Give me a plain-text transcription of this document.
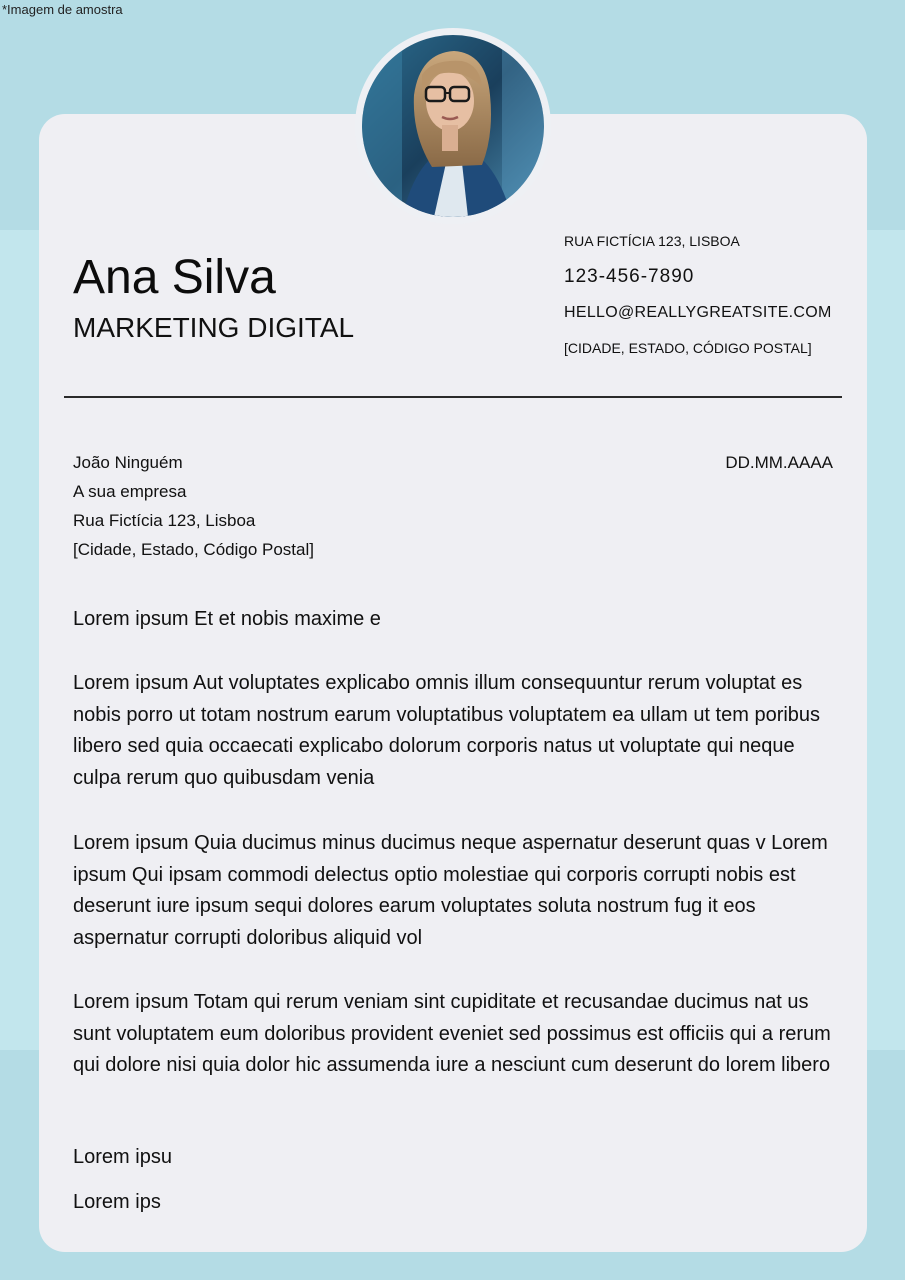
*Imagem de amostra
Ana Silva
MARKETING DIGITAL
RUA FICTÍCIA 123, LISBOA
123-456-7890
HELLO@REALLYGREATSITE.COM
[CIDADE, ESTADO, CÓDIGO POSTAL]
João Ninguém
A sua empresa
Rua Fictícia 123, Lisboa
[Cidade, Estado, Código Postal]
DD.MM.AAAA
Lorem ipsum Et et nobis maxime e
Lorem ipsum Aut voluptates explicabo omnis illum consequuntur rerum voluptat es nobis porro ut totam nostrum earum voluptatibus voluptatem ea ullam ut tem poribus libero sed quia occaecati explicabo dolorum corporis natus ut voluptate qui neque culpa rerum quo quibusdam venia
Lorem ipsum Quia ducimus minus ducimus neque aspernatur deserunt quas v Lorem ipsum Qui ipsam commodi delectus optio molestiae qui corporis corrupti nobis est deserunt iure ipsum sequi dolores earum voluptates soluta nostrum fug it eos aspernatur corrupti doloribus aliquid vol
Lorem ipsum Totam qui rerum veniam sint cupiditate et recusandae ducimus nat us sunt voluptatem eum doloribus provident eveniet sed possimus est officiis qui a rerum qui dolore nisi quia dolor hic assumenda iure a nesciunt cum deserunt do lorem libero
Lorem ipsu
Lorem ips
